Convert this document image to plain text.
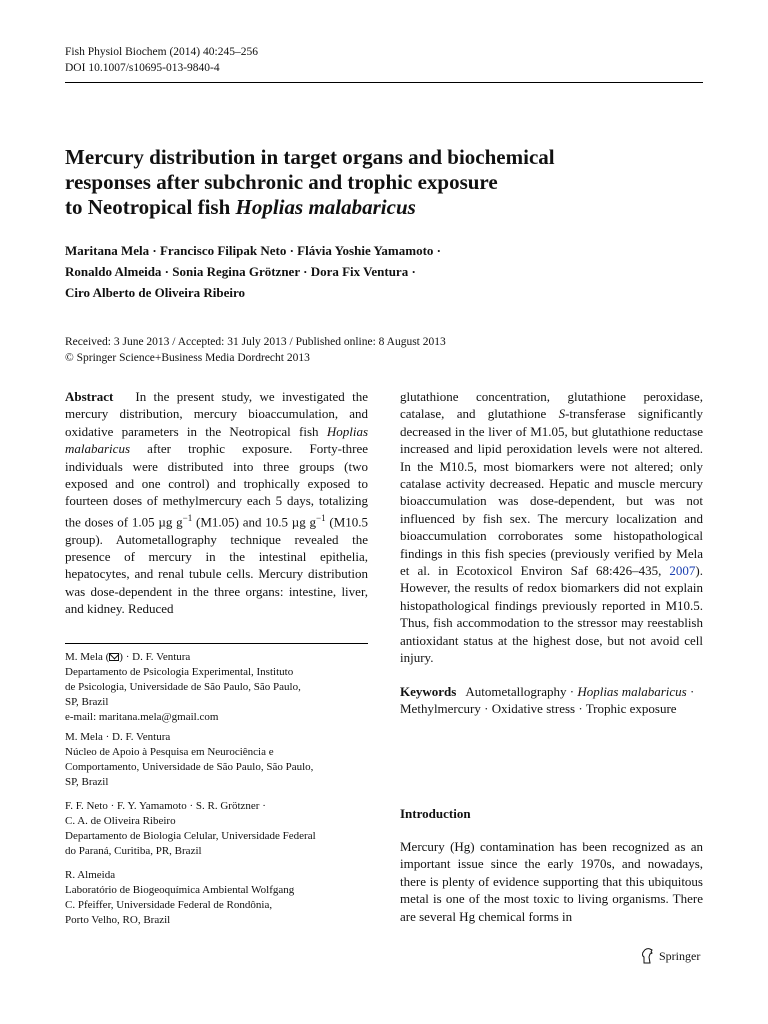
Fish Physiol Biochem (2014) 40:245–256
DOI 10.1007/s10695-013-9840-4
Mercury distribution in target organs and biochemical
responses after subchronic and trophic exposure
to Neotropical fish Hoplias malabaricus
Maritana Mela · Francisco Filipak Neto · Flávia Yoshie Yamamoto ·
Ronaldo Almeida · Sonia Regina Grötzner · Dora Fix Ventura ·
Ciro Alberto de Oliveira Ribeiro
Received: 3 June 2013 / Accepted: 31 July 2013 / Published online: 8 August 2013
© Springer Science+Business Media Dordrecht 2013

Abstract In the present study, we investigated the mercury distribution, mercury bioaccumulation, and oxidative parameters in the Neotropical fish Hoplias malabaricus after trophic exposure. Forty-three individuals were distributed into three groups (two exposed and one control) and trophically exposed to fourteen doses of methylmercury each 5 days, totalizing the doses of 1.05 µg $g^{-1}$ (M1.05) and 10.5 µg $g^{-1}$ (M10.5 group). Autometallography technique revealed the presence of mercury in the intestinal epithelia, hepatocytes, and renal tubule cells. Mercury distribution was dose-dependent in the three organs: intestine, liver, and kidney. Reduced

glutathione concentration, glutathione peroxidase, catalase, and glutathione S-transferase significantly decreased in the liver of M1.05, but glutathione reductase increased and lipid peroxidation levels were not altered. In the M10.5, most biomarkers were not altered; only catalase activity decreased. Hepatic and muscle mercury bioaccumulation was dose-dependent, but was not influenced by fish sex. The mercury localization and bioaccumulation corroborates some histopathological findings in this fish species (previously verified by Mela et al. in Ecotoxicol Environ Saf 68:426–435, 2007). However, the results of redox biomarkers did not explain histopathological findings previously reported in M10.5. Thus, fish accommodation to the stressor may reestablish antioxidant status at the highest dose, but not avoid cell injury.

Keywords Autometallography · Hoplias malabaricus · Methylmercury · Oxidative stress · Trophic exposure
Introduction
Mercury (Hg) contamination has been recognized as an important issue since the early 1970s, and nowadays, there is plenty of evidence supporting that this ubiquitous metal is one of the most toxic to living organisms. There are several Hg chemical forms in
M. Mela ( ) · D. F. Ventura
Departamento de Psicologia Experimental, Instituto
de Psicologia, Universidade de São Paulo, São Paulo,
SP, Brazil
e-mail: maritana.mela@gmail.com
M. Mela · D. F. Ventura
Núcleo de Apoio à Pesquisa em Neurociência e
Comportamento, Universidade de São Paulo, São Paulo,
SP, Brazil
F. F. Neto · F. Y. Yamamoto · S. R. Grötzner ·
C. A. de Oliveira Ribeiro
Departamento de Biologia Celular, Universidade Federal
do Paraná, Curitiba, PR, Brazil
R. Almeida
Laboratório de Biogeoquímica Ambiental Wolfgang
C. Pfeiffer, Universidade Federal de Rondônia,
Porto Velho, RO, Brazil
Springer
